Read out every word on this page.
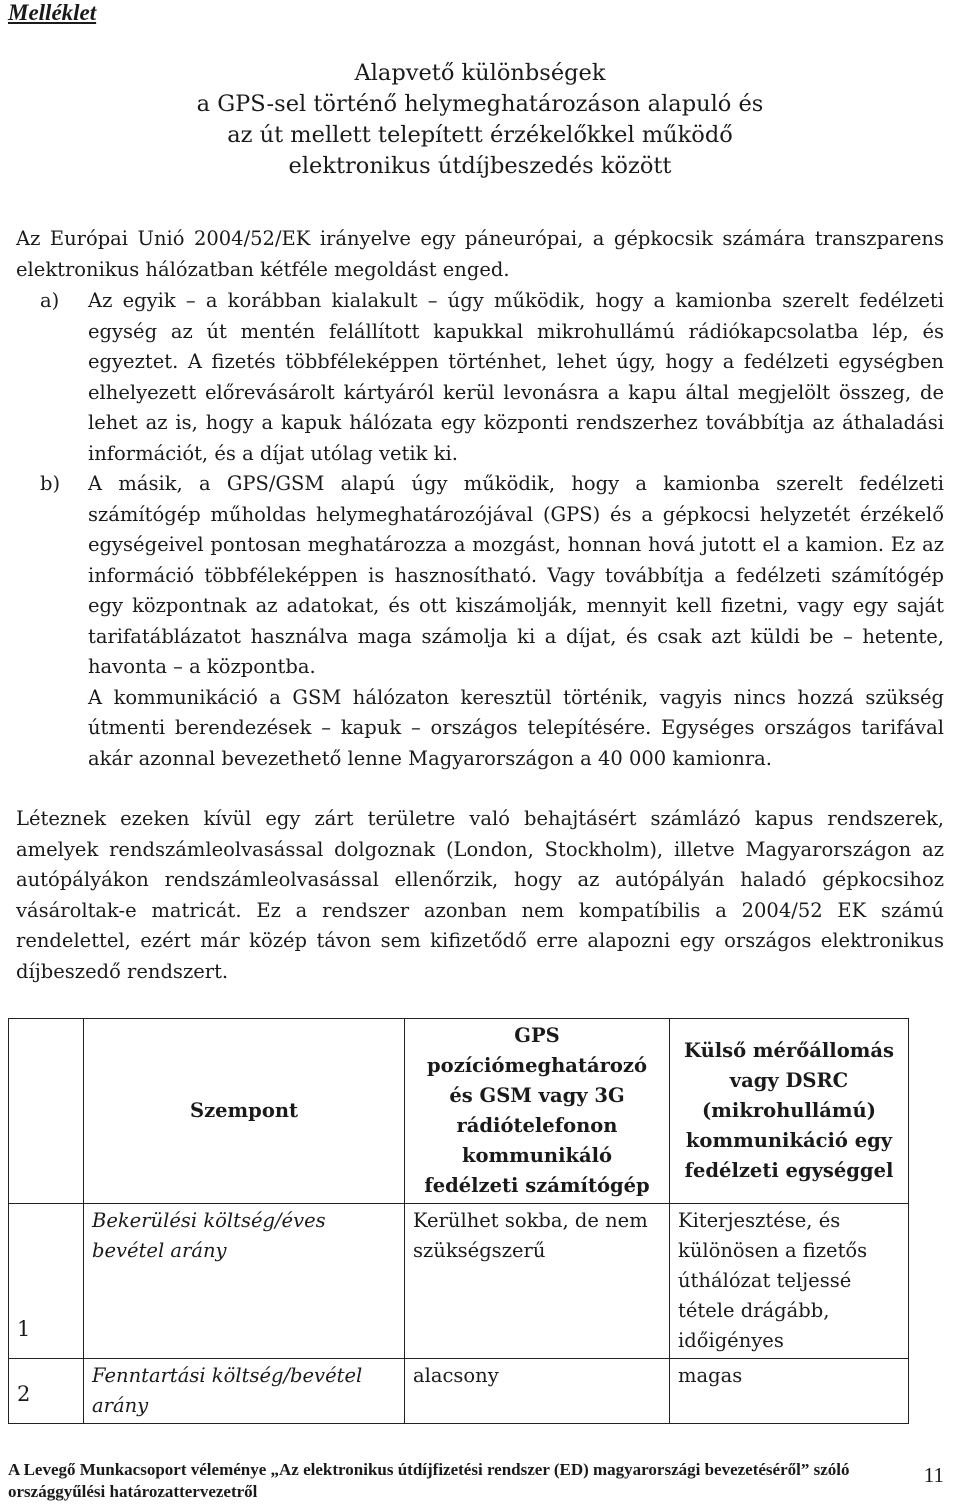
Melléklet
Alapvető különbségek
a GPS-sel történő helymeghatározáson alapuló és
az út mellett telepített érzékelőkkel működő
elektronikus útdíjbeszedés között
Az Európai Unió 2004/52/EK irányelve egy páneurópai, a gépkocsik számára transzparens elektronikus hálózatban kétféle megoldást enged.
a) Az egyik – a korábban kialakult – úgy működik, hogy a kamionba szerelt fedélzeti egység az út mentén felállított kapukkal mikrohullámú rádiókapcsolatba lép, és egyeztet. A fizetés többféleképpen történhet, lehet úgy, hogy a fedélzeti egységben elhelyezett előrevásárolt kártyáról kerül levonásra a kapu által megjelölt összeg, de lehet az is, hogy a kapuk hálózata egy központi rendszerhez továbbítja az áthaladási információt, és a díjat utólag vetik ki.

b) A másik, a GPS/GSM alapú úgy működik, hogy a kamionba szerelt fedélzeti számítógép műholdas helymeghatározójával (GPS) és a gépkocsi helyzetét érzékelő egységeivel pontosan meghatározza a mozgást, honnan hová jutott el a kamion. Ez az információ többféleképpen is hasznosítható. Vagy továbbítja a fedélzeti számítógép egy központnak az adatokat, és ott kiszámolják, mennyit kell fizetni, vagy egy saját tarifatáblázatot használva maga számolja ki a díjat, és csak azt küldi be – hetente, havonta – a központba.

A kommunikáció a GSM hálózaton keresztül történik, vagyis nincs hozzá szükség útmenti berendezések – kapuk – országos telepítésére. Egységes országos tarifával akár azonnal bevezethető lenne Magyarországon a 40 000 kamionra.

Léteznek ezeken kívül egy zárt területre való behajtásért számlázó kapus rendszerek, amelyek rendszámleolvasással dolgoznak (London, Stockholm), illetve Magyarországon az autópályákon rendszámleolvasással ellenőrzik, hogy az autópályán haladó gépkocsihoz vásároltak-e matricát. Ez a rendszer azonban nem kompatíbilis a 2004/52 EK számú rendelettel, ezért már közép távon sem kifizetődő erre alapozni egy országos elektronikus díjbeszedő rendszert.
	Szempont	GPS pozíciómeghatározó és GSM vagy 3G rádiótelefonon kommunikáló fedélzeti számítógép	Külső mérőállomás vagy DSRC (mikrohullámú) kommunikáció egy fedélzeti egységgel
1	Bekerülési költség/éves bevétel arány	Kerülhet sokba, de nem szükségszerű	Kiterjesztése, és különösen a fizetős úthálózat teljessé tétele drágább, időigényes
2	Fenntartási költség/bevétel arány	alacsony	magas
A Levegő Munkacsoport véleménye „Az elektronikus útdíjfizetési rendszer (ED) magyarországi bevezetéséről” szóló országgyűlési határozattervezetről
11
